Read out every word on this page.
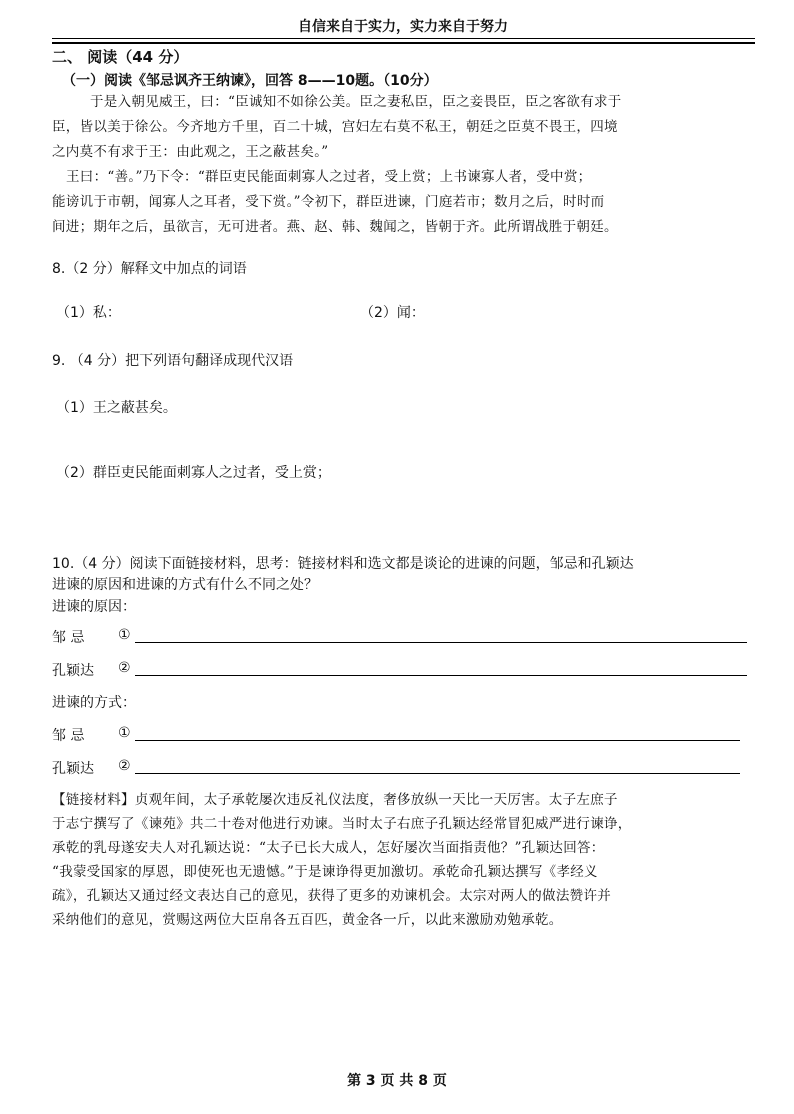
自信来自于实力，实力来自于努力
二、 阅读（44 分）
（一）阅读《邹忌讽齐王纳谏》，回答 8——10题。（10分）

于是入朝见威王，曰：“臣诚知不如徐公美。臣之妻私臣，臣之妾畏臣，臣之客欲有求于

臣，皆以美于徐公。今齐地方千里，百二十城，宫妇左右莫不私王，朝廷之臣莫不畏王，四境

之内莫不有求于王：由此观之，王之蔽甚矣。”

王曰：“善。”乃下令：“群臣吏民能面刺寡人之过者，受上赏；上书谏寡人者，受中赏；

能谤讥于市朝，闻寡人之耳者，受下赏。”令初下，群臣进谏，门庭若市；数月之后，时时而

间进；期年之后，虽欲言，无可进者。燕、赵、韩、魏闻之，皆朝于齐。此所谓战胜于朝廷。

8.（2 分）解释文中加点的词语
（1）私：	（2）闻：
9. （4 分）把下列语句翻译成现代汉语
（1）王之蔽甚矣。
（2）群臣吏民能面刺寡人之过者，受上赏；
10.（4 分）阅读下面链接材料，思考：链接材料和选文都是谈论的进谏的问题，邹忌和孔颖达
进谏的原因和进谏的方式有什么不同之处？
进谏的原因：
邹 忌 ①
孔颖达 ②
进谏的方式：
邹 忌 ①
孔颖达 ②

【链接材料】贞观年间，太子承乾屡次违反礼仪法度，奢侈放纵一天比一天厉害。太子左庶子

于志宁撰写了《谏苑》共二十卷对他进行劝谏。当时太子右庶子孔颖达经常冒犯威严进行谏诤，

承乾的乳母遂安夫人对孔颖达说：“太子已长大成人，怎好屡次当面指责他？”孔颖达回答：

“我蒙受国家的厚恩，即使死也无遗憾。”于是谏诤得更加激切。承乾命孔颖达撰写《孝经义

疏》，孔颖达又通过经文表达自己的意见，获得了更多的劝谏机会。太宗对两人的做法赞许并

采纳他们的意见，赏赐这两位大臣帛各五百匹，黄金各一斤，以此来激励劝勉承乾。

第 3 页 共 8 页
